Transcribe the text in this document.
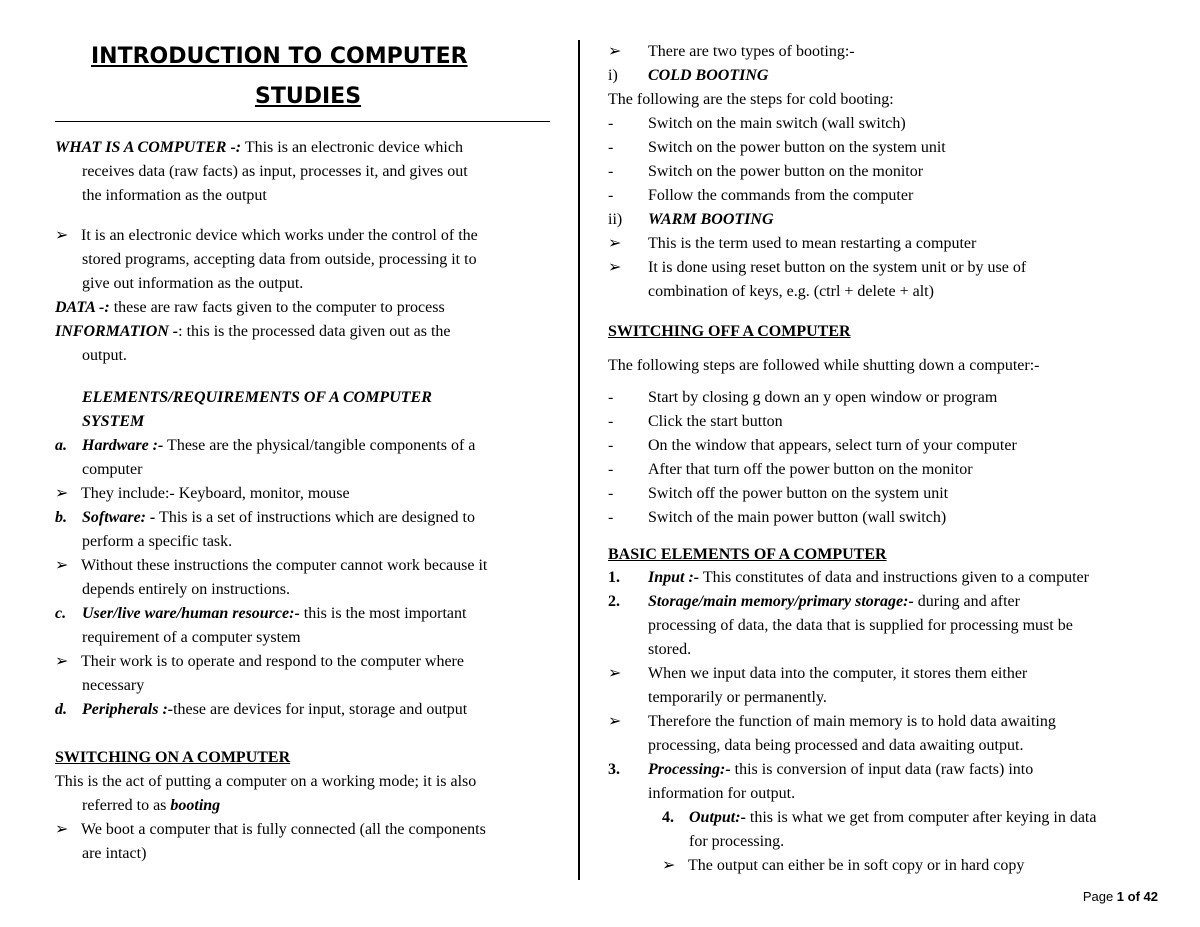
INTRODUCTION TO COMPUTER
STUDIES
WHAT IS A COMPUTER -: This is an electronic device which
receives data (raw facts) as input, processes it, and gives out
the information as the output
➢ It is an electronic device which works under the control of the
stored programs, accepting data from outside, processing it to
give out information as the output.
DATA -: these are raw facts given to the computer to process
INFORMATION -: this is the processed data given out as the
output.
ELEMENTS/REQUIREMENTS OF A COMPUTER
SYSTEM
a. Hardware :- These are the physical/tangible components of a
computer
➢ They include:- Keyboard, monitor, mouse
b. Software: - This is a set of instructions which are designed to
perform a specific task.
➢ Without these instructions the computer cannot work because it
depends entirely on instructions.
c. User/live ware/human resource:- this is the most important
requirement of a computer system
➢ Their work is to operate and respond to the computer where
necessary
d. Peripherals :-these are devices for input, storage and output
SWITCHING ON A COMPUTER
This is the act of putting a computer on a working mode; it is also
referred to as booting
➢ We boot a computer that is fully connected (all the components
are intact)
➢ There are two types of booting:-
i) COLD BOOTING
The following are the steps for cold booting:
- Switch on the main switch (wall switch)
- Switch on the power button on the system unit
- Switch on the power button on the monitor
- Follow the commands from the computer
ii) WARM BOOTING
➢ This is the term used to mean restarting a computer
➢ It is done using reset button on the system unit or by use of
combination of keys, e.g. (ctrl + delete + alt)
SWITCHING OFF A COMPUTER
The following steps are followed while shutting down a computer:-
- Start by closing g down an y open window or program
- Click the start button
- On the window that appears, select turn of your computer
- After that turn off the power button on the monitor
- Switch off the power button on the system unit
- Switch of the main power button (wall switch)
BASIC ELEMENTS OF A COMPUTER
1. Input :- This constitutes of data and instructions given to a computer
2. Storage/main memory/primary storage:- during and after
processing of data, the data that is supplied for processing must be
stored.
➢ When we input data into the computer, it stores them either
temporarily or permanently.
➢ Therefore the function of main memory is to hold data awaiting
processing, data being processed and data awaiting output.
3. Processing:- this is conversion of input data (raw facts) into
information for output.
4. Output:- this is what we get from computer after keying in data
for processing.
➢ The output can either be in soft copy or in hard copy
Page 1 of 42
